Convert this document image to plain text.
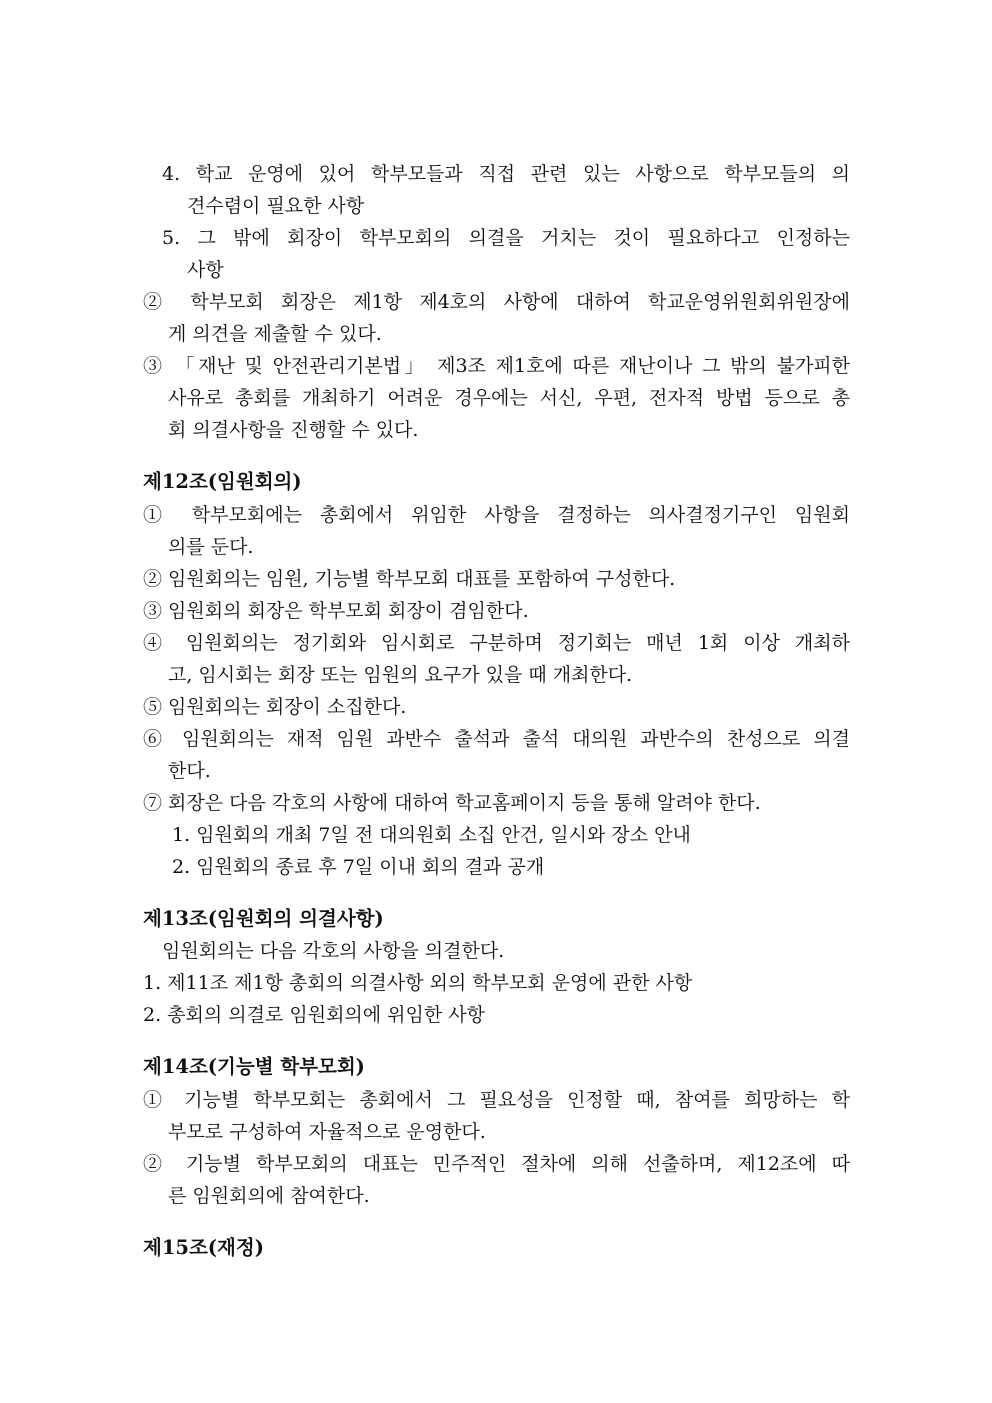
4. 학교 운영에 있어 학부모들과 직접 관련 있는 사항으로 학부모들의 의
견수렴이 필요한 사항
5. 그 밖에 회장이 학부모회의 의결을 거치는 것이 필요하다고 인정하는
사항
② 학부모회 회장은 제1항 제4호의 사항에 대하여 학교운영위원회위원장에
게 의견을 제출할 수 있다.
③ 「재난 및 안전관리기본법」 제3조 제1호에 따른 재난이나 그 밖의 불가피한
사유로 총회를 개최하기 어려운 경우에는 서신, 우편, 전자적 방법 등으로 총
회 의결사항을 진행할 수 있다.
제12조(임원회의)
① 학부모회에는 총회에서 위임한 사항을 결정하는 의사결정기구인 임원회
의를 둔다.
② 임원회의는 임원, 기능별 학부모회 대표를 포함하여 구성한다.
③ 임원회의 회장은 학부모회 회장이 겸임한다.
④ 임원회의는 정기회와 임시회로 구분하며 정기회는 매년 1회 이상 개최하
고, 임시회는 회장 또는 임원의 요구가 있을 때 개최한다.
⑤ 임원회의는 회장이 소집한다.
⑥ 임원회의는 재적 임원 과반수 출석과 출석 대의원 과반수의 찬성으로 의결
한다.
⑦ 회장은 다음 각호의 사항에 대하여 학교홈페이지 등을 통해 알려야 한다.
1. 임원회의 개최 7일 전 대의원회 소집 안건, 일시와 장소 안내
2. 임원회의 종료 후 7일 이내 회의 결과 공개
제13조(임원회의 의결사항)
임원회의는 다음 각호의 사항을 의결한다.
1. 제11조 제1항 총회의 의결사항 외의 학부모회 운영에 관한 사항
2. 총회의 의결로 임원회의에 위임한 사항
제14조(기능별 학부모회)
① 기능별 학부모회는 총회에서 그 필요성을 인정할 때, 참여를 희망하는 학
부모로 구성하여 자율적으로 운영한다.
② 기능별 학부모회의 대표는 민주적인 절차에 의해 선출하며, 제12조에 따
른 임원회의에 참여한다.
제15조(재정)
